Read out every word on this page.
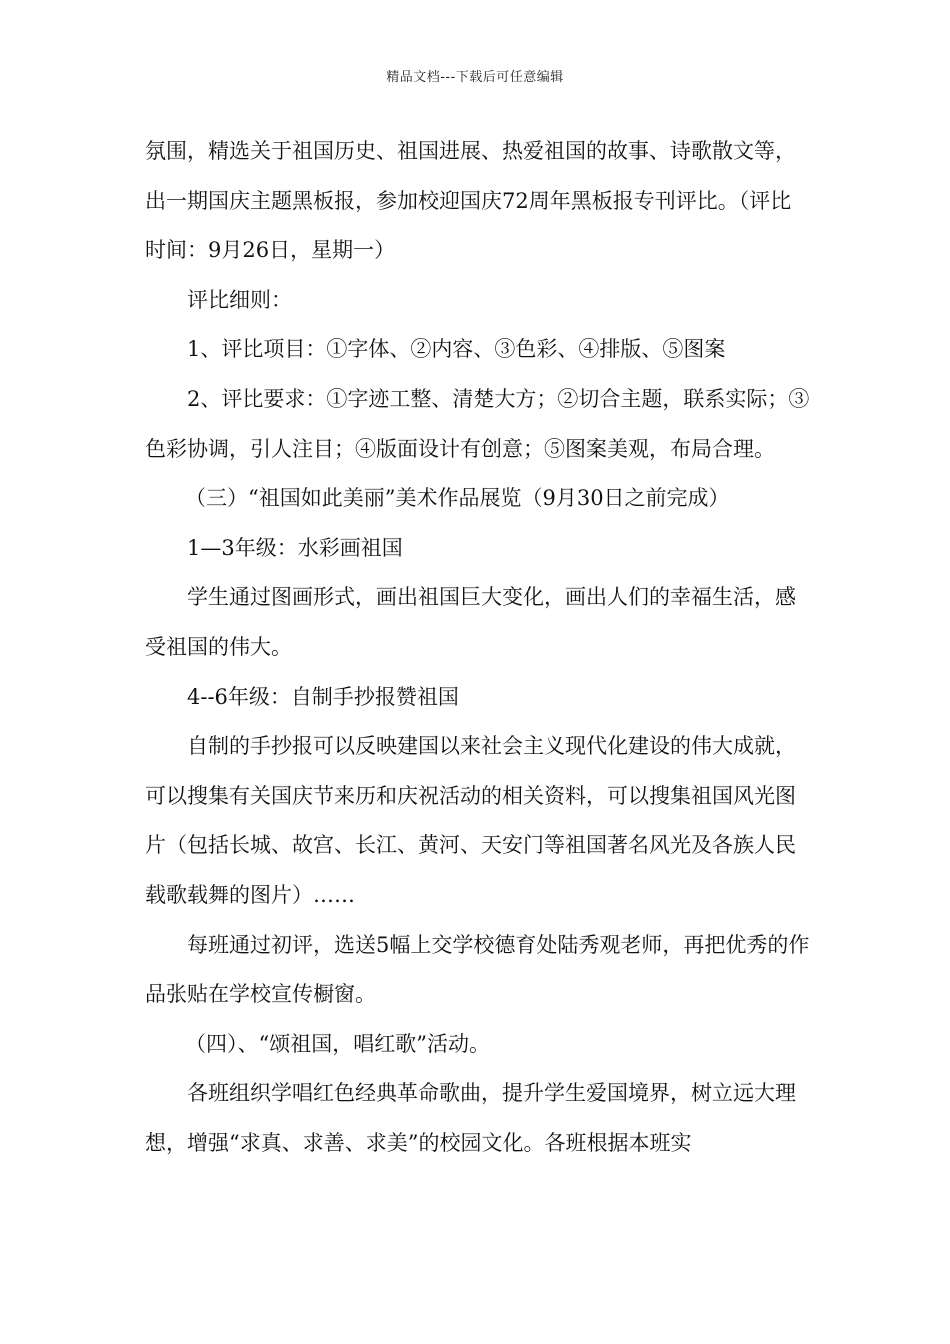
精品文档---下载后可任意编辑

氛围，精选关于祖国历史、祖国进展、热爱祖国的故事、诗歌散文等，出一期国庆主题黑板报，参加校迎国庆72周年黑板报专刊评比。（评比时间：9月26日，星期一）

评比细则：

1、评比项目：①字体、②内容、③色彩、④排版、⑤图案

2、评比要求：①字迹工整、清楚大方；②切合主题，联系实际；③色彩协调，引人注目；④版面设计有创意；⑤图案美观，布局合理。

（三）“祖国如此美丽”美术作品展览（9月30日之前完成）

1—3年级：水彩画祖国

学生通过图画形式，画出祖国巨大变化，画出人们的幸福生活，感受祖国的伟大。

4--6年级：自制手抄报赞祖国

自制的手抄报可以反映建国以来社会主义现代化建设的伟大成就，可以搜集有关国庆节来历和庆祝活动的相关资料，可以搜集祖国风光图片（包括长城、故宫、长江、黄河、天安门等祖国著名风光及各族人民载歌载舞的图片）……

每班通过初评，选送5幅上交学校德育处陆秀观老师，再把优秀的作品张贴在学校宣传橱窗。

（四）、“颂祖国，唱红歌”活动。

各班组织学唱红色经典革命歌曲，提升学生爱国境界，树立远大理想，增强“求真、求善、求美”的校园文化。各班根据本班实
